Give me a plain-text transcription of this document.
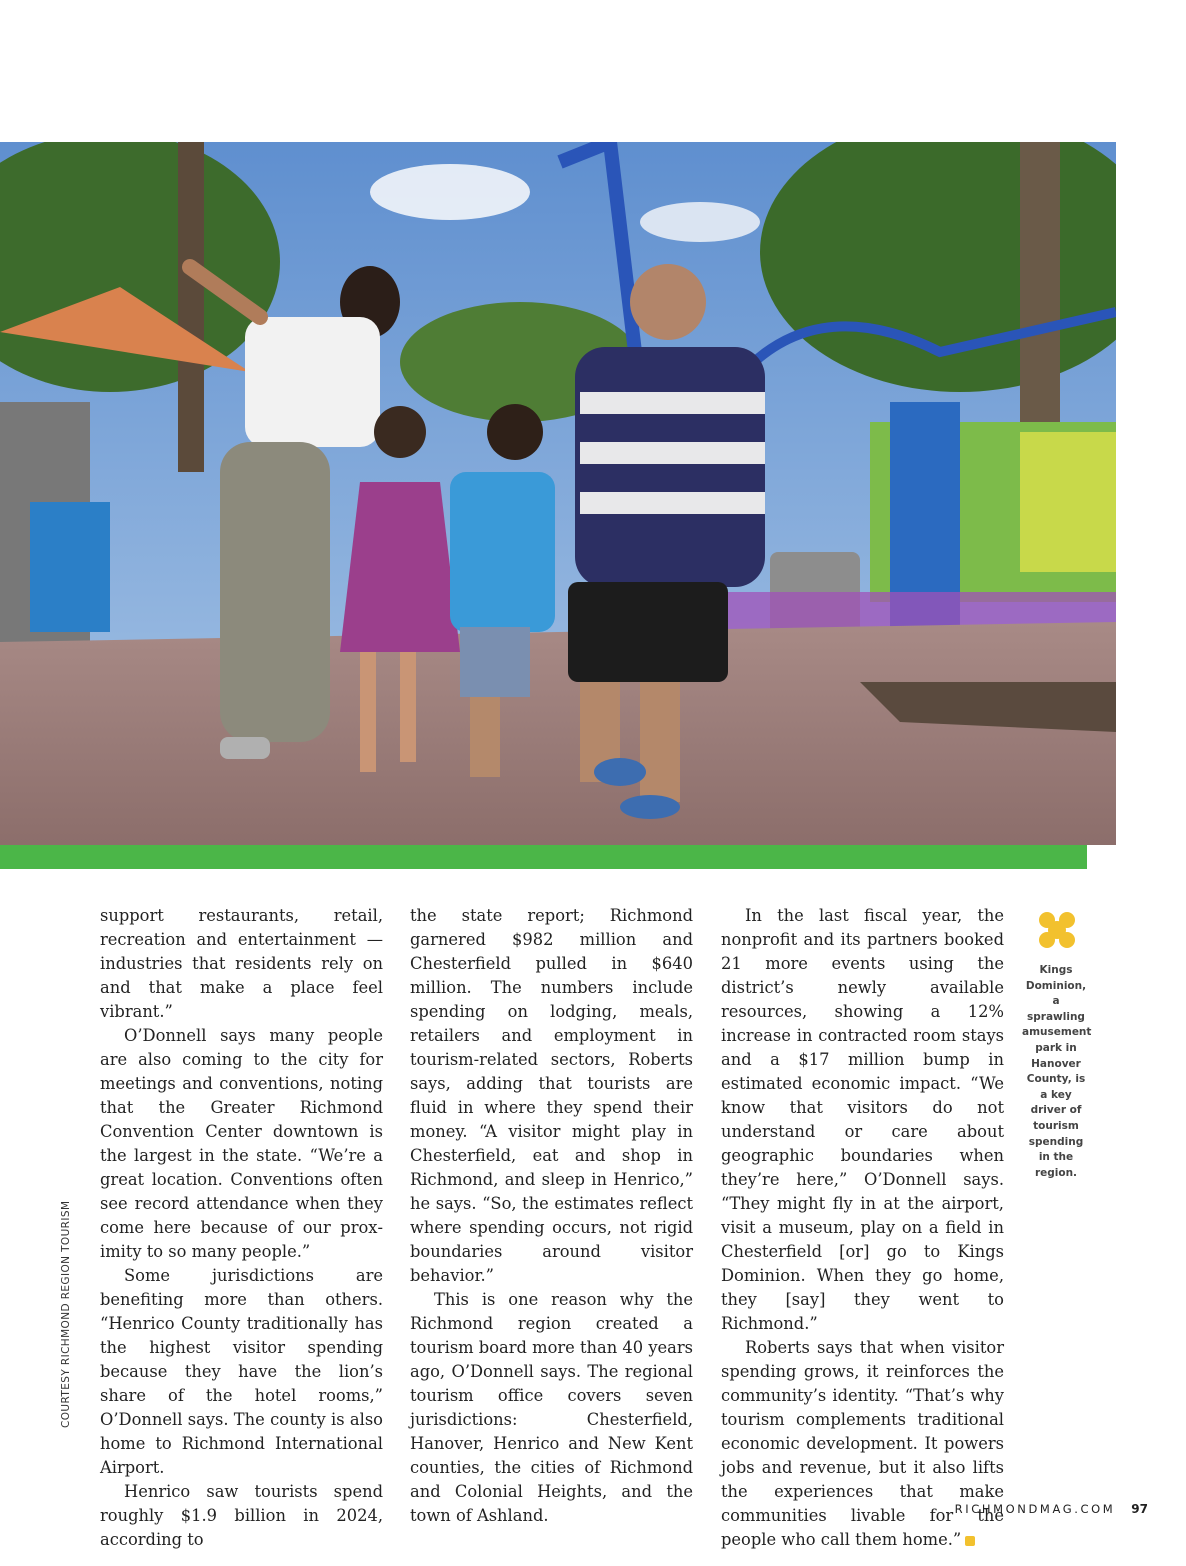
COURTESY RICHMOND REGION TOURISM

support restaurants, retail, recreation and entertainment — industries that residents rely on and that make a place feel vibrant.”

O’Donnell says many people are also coming to the city for meetings and conventions, noting that the Greater Richmond Convention Center downtown is the largest in the state. “We’re a great location. Conventions often see record attendance when they come here because of our proximity to so many people.”

Some jurisdictions are benefiting more than others. “Henrico County traditionally has the highest visitor spending because they have the lion’s share of the hotel rooms,” O’Donnell says. The county is also home to Richmond International Airport.

Henrico saw tourists spend roughly $1.9 billion in 2024, according to

the state report; Richmond garnered $982 million and Chesterfield pulled in $640 million. The numbers include spending on lodging, meals, retailers and employment in tourism-related sectors, Roberts says, adding that tourists are fluid in where they spend their money. “A visitor might play in Chesterfield, eat and shop in Richmond, and sleep in Henrico,” he says. “So, the estimates reflect where spending occurs, not rigid boundaries around visitor behavior.”

This is one reason why the Richmond region created a tourism board more than 40 years ago, O’Donnell says. The regional tourism office covers seven jurisdictions: Chesterfield, Hanover, Henrico and New Kent counties, the cities of Richmond and Colonial Heights, and the town of Ashland.

In the last fiscal year, the nonprofit and its partners booked 21 more events using the district’s newly available resources, showing a 12% increase in contracted room stays and a $17 million bump in estimated economic impact. “We know that visitors do not understand or care about geographic boundaries when they’re here,” O’Donnell says. “They might fly in at the airport, visit a museum, play on a field in Chesterfield [or] go to Kings Dominion. When they go home, they [say] they went to Richmond.”

Roberts says that when visitor spending grows, it reinforces the community’s identity. “That’s why tourism complements traditional economic development. It powers jobs and revenue, but it also lifts the experiences that make communities livable for the people who call them home.”

Kings Dominion, a sprawling amusement park in Hanover County, is a key driver of tourism spending in the region.
RICHMONDMAG.COM 97
